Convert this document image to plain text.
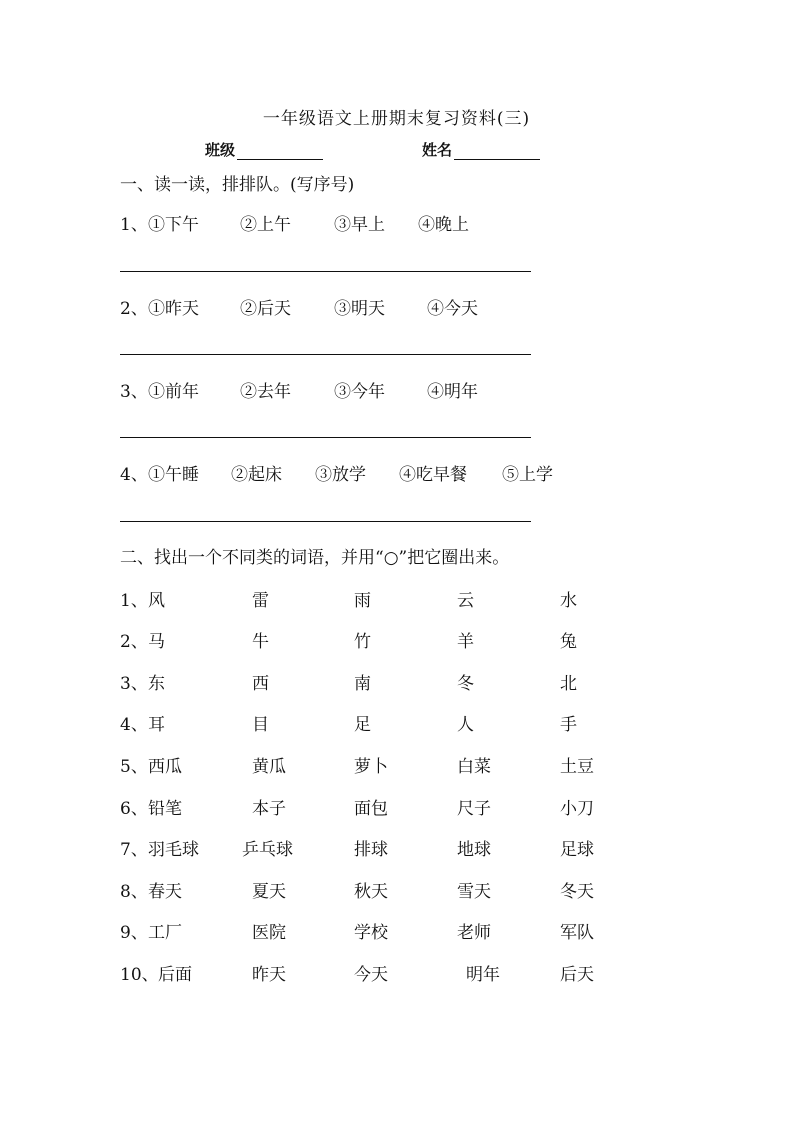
一年级语文上册期末复习资料(三)
班级	姓名
一、读一读，排排队。(写序号)
1、 ①下午 ②上午	③早上 ④晚上
2、 ①昨天 ②后天	③明天 ④今天
3、 ①前年 ②去年	③今年 ④明年
4、 ①午睡 ②起床 ③放学 ④吃早餐 ⑤上学
二、找出一个不同类的词语，并用“○”把它圈出来。
1、 风	雷	雨	云	水
2、 马	牛	竹	羊	兔
3、 东	西	南	冬	北
4、 耳	目	足	人	手
5、 西瓜	黄瓜	萝卜	白菜	土豆
6、 铅笔	本子	面包	尺子	小刀
7、 羽毛球	乒乓球	排球	地球	足球
8、 春天	夏天	秋天	雪天	冬天
9、 工厂	医院	学校	老师	军队
10、 后面	昨天	今天	明年	后天
